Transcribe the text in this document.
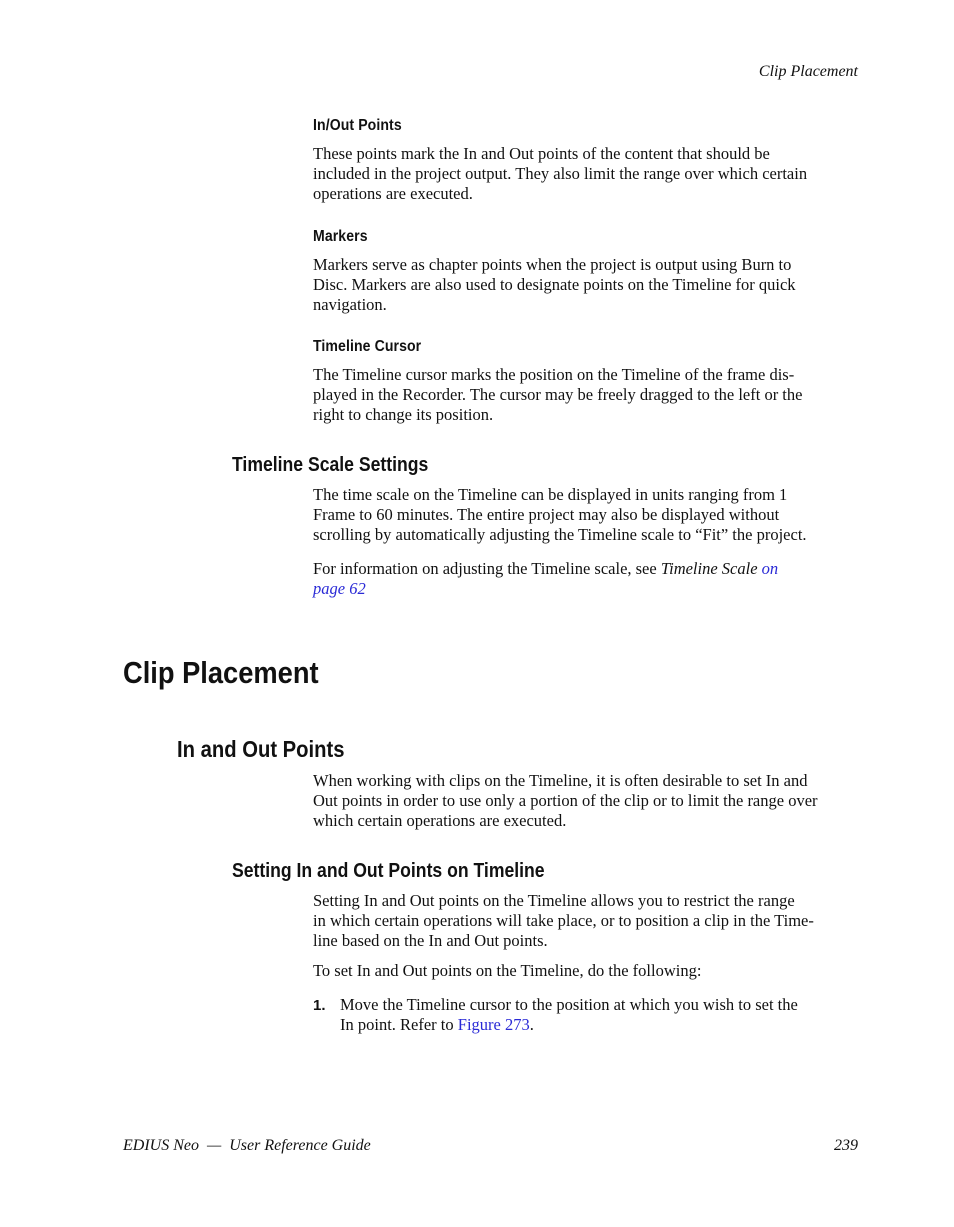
Clip Placement
In/Out Points
These points mark the In and Out points of the content that should be
included in the project output. They also limit the range over which certain
operations are executed.
Markers
Markers serve as chapter points when the project is output using Burn to
Disc. Markers are also used to designate points on the Timeline for quick
navigation.
Timeline Cursor
The Timeline cursor marks the position on the Timeline of the frame dis-
played in the Recorder. The cursor may be freely dragged to the left or the
right to change its position.
Timeline Scale Settings
The time scale on the Timeline can be displayed in units ranging from 1
Frame to 60 minutes. The entire project may also be displayed without
scrolling by automatically adjusting the Timeline scale to “Fit” the project.
For information on adjusting the Timeline scale, see Timeline Scale on
page 62
Clip Placement
In and Out Points
When working with clips on the Timeline, it is often desirable to set In and
Out points in order to use only a portion of the clip or to limit the range over
which certain operations are executed.
Setting In and Out Points on Timeline
Setting In and Out points on the Timeline allows you to restrict the range
in which certain operations will take place, or to position a clip in the Time-
line based on the In and Out points.
To set In and Out points on the Timeline, do the following:
1. Move the Timeline cursor to the position at which you wish to set the
In point. Refer to Figure 273.
EDIUS Neo  —  User Reference Guide	239
